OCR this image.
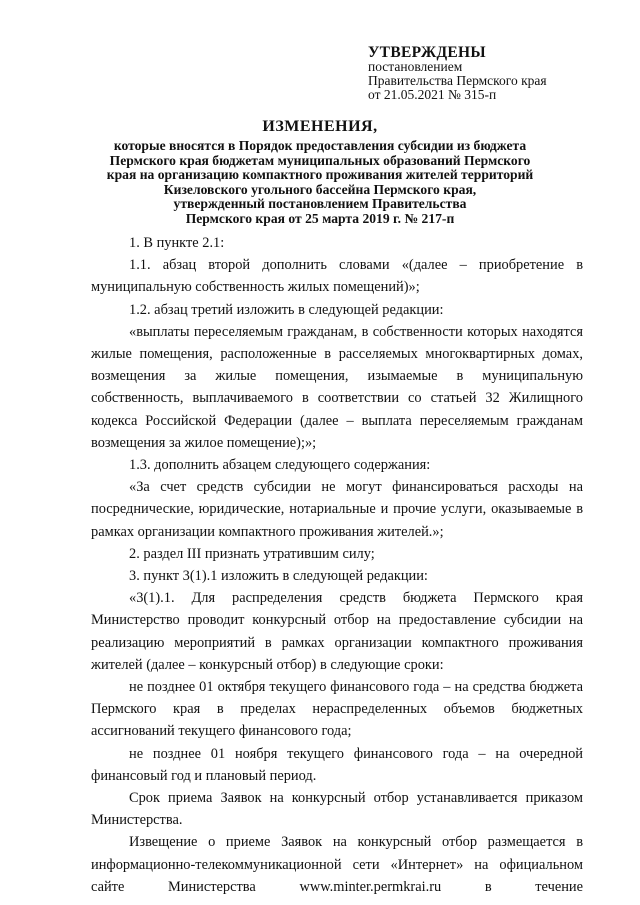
УТВЕРЖДЕНЫ
постановлением
Правительства Пермского края
от 21.05.2021 № 315-п
ИЗМЕНЕНИЯ,
которые вносятся в Порядок предоставления субсидии из бюджета
Пермского края бюджетам муниципальных образований Пермского
края на организацию компактного проживания жителей территорий
Кизеловского угольного бассейна Пермского края,
утвержденный постановлением Правительства
Пермского края от 25 марта 2019 г. № 217-п

1. В пункте 2.1:

1.1. абзац второй дополнить словами «(далее – приобретение в муниципальную собственность жилых помещений)»;

1.2. абзац третий изложить в следующей редакции:

«выплаты переселяемым гражданам, в собственности которых находятся жилые помещения, расположенные в расселяемых многоквартирных домах, возмещения за жилые помещения, изымаемые в муниципальную собственность, выплачиваемого в соответствии со статьей 32 Жилищного кодекса Российской Федерации (далее – выплата переселяемым гражданам возмещения за жилое помещение);»;

1.3. дополнить абзацем следующего содержания:

«За счет средств субсидии не могут финансироваться расходы на посреднические, юридические, нотариальные и прочие услуги, оказываемые в рамках организации компактного проживания жителей.»;

2. раздел III признать утратившим силу;

3. пункт 3(1).1 изложить в следующей редакции:

«3(1).1. Для распределения средств бюджета Пермского края Министерство проводит конкурсный отбор на предоставление субсидии на реализацию мероприятий в рамках организации компактного проживания жителей (далее – конкурсный отбор) в следующие сроки:

не позднее 01 октября текущего финансового года – на средства бюджета Пермского края в пределах нераспределенных объемов бюджетных ассигнований текущего финансового года;

не позднее 01 ноября текущего финансового года – на очередной финансовый год и плановый период.

Срок приема Заявок на конкурсный отбор устанавливается приказом Министерства.

Извещение о приеме Заявок на конкурсный отбор размещается в информационно-телекоммуникационной сети «Интернет» на официальном сайте Министерства www.minter.permkrai.ru в течение
